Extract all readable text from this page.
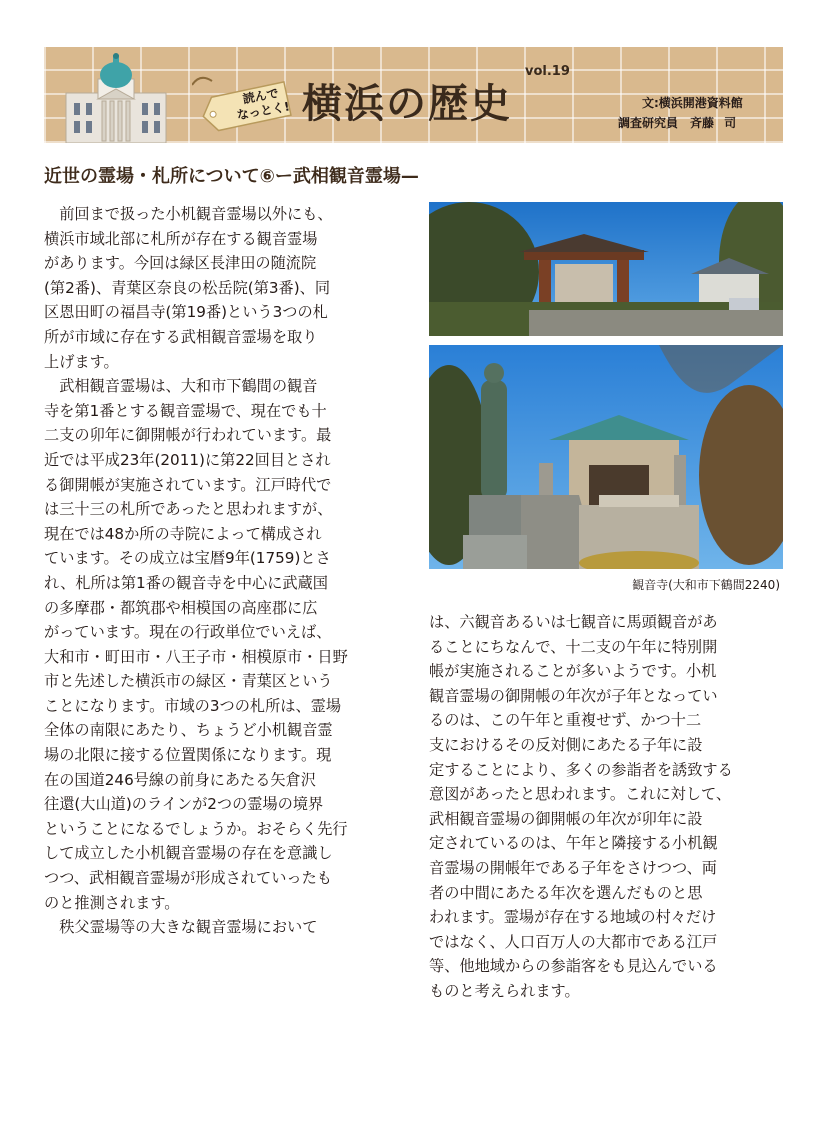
読んで
なっとく! 横浜の歴史
vol.19
文:横浜開港資料館
調査研究員　斉藤 司
近世の霊場・札所について⑥ー武相観音霊場—
前回まで扱った小机観音霊場以外にも、
横浜市域北部に札所が存在する観音霊場
があります。今回は緑区長津田の随流院
(第2番)、青葉区奈良の松岳院(第3番)、同
区恩田町の福昌寺(第19番)という3つの札
所が市域に存在する武相観音霊場を取り
上げます。
武相観音霊場は、大和市下鶴間の観音
寺を第1番とする観音霊場で、現在でも十
二支の卯年に御開帳が行われています。最
近では平成23年(2011)に第22回目とされ
る御開帳が実施されています。江戸時代で
は三十三の札所であったと思われますが、
現在では48か所の寺院によって構成され
ています。その成立は宝暦9年(1759)とさ
れ、札所は第1番の観音寺を中心に武蔵国
の多摩郡・都筑郡や相模国の高座郡に広
がっています。現在の行政単位でいえば、
大和市・町田市・八王子市・相模原市・日野
市と先述した横浜市の緑区・青葉区という
ことになります。市域の3つの札所は、霊場
全体の南限にあたり、ちょうど小机観音霊
場の北限に接する位置関係になります。現
在の国道246号線の前身にあたる矢倉沢
往還(大山道)のラインが2つの霊場の境界
ということになるでしょうか。おそらく先行
して成立した小机観音霊場の存在を意識し
つつ、武相観音霊場が形成されていったも
のと推測されます。
秩父霊場等の大きな観音霊場において
観音寺(大和市下鶴間2240)
は、六観音あるいは七観音に馬頭観音があ
ることにちなんで、十二支の午年に特別開
帳が実施されることが多いようです。小机
観音霊場の御開帳の年次が子年となってい
るのは、この午年と重複せず、かつ十二
支におけるその反対側にあたる子年に設
定することにより、多くの参詣者を誘致する
意図があったと思われます。これに対して、
武相観音霊場の御開帳の年次が卯年に設
定されているのは、午年と隣接する小机観
音霊場の開帳年である子年をさけつつ、両
者の中間にあたる年次を選んだものと思
われます。霊場が存在する地域の村々だけ
ではなく、人口百万人の大都市である江戸
等、他地域からの参詣客をも見込んでいる
ものと考えられます。
